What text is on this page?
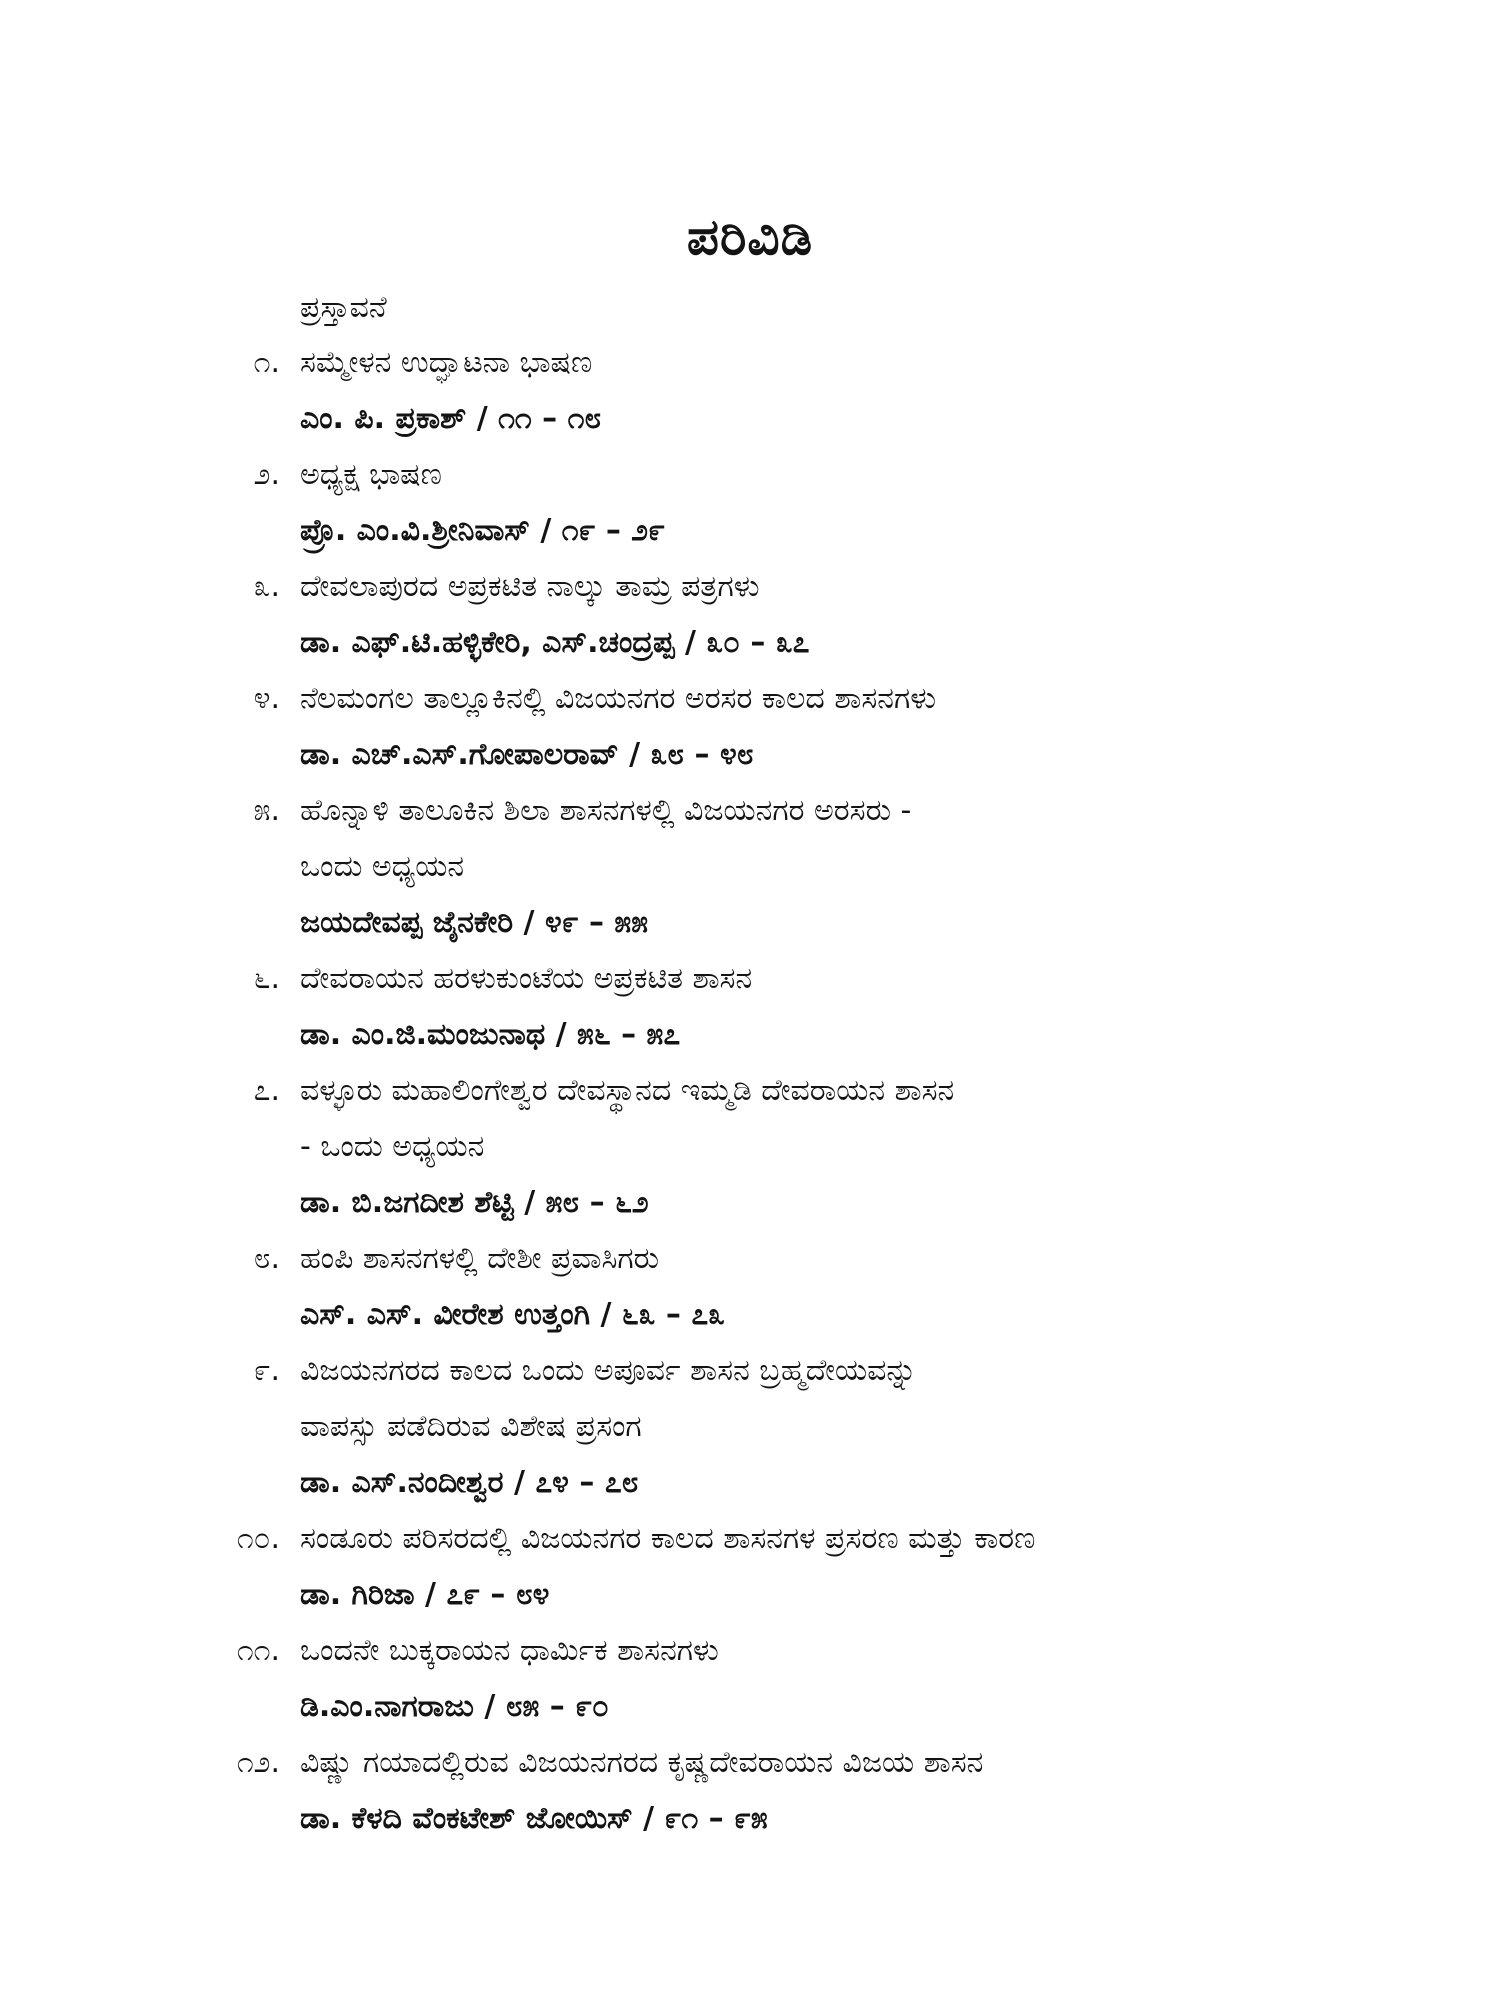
ಪರಿವಿಡಿ
ಪ್ರಸ್ತಾವನೆ
೧. ಸಮ್ಮೇಳನ ಉದ್ಘಾಟನಾ ಭಾಷಣ
ಎಂ. ಪಿ. ಪ್ರಕಾಶ್ / ೧೧ – ೧೮
೨. ಅಧ್ಯಕ್ಷ ಭಾಷಣ
ಪ್ರೊ. ಎಂ.ವಿ.ಶ್ರೀನಿವಾಸ್ / ೧೯ – ೨೯
೩. ದೇವಲಾಪುರದ ಅಪ್ರಕಟಿತ ನಾಲ್ಕು ತಾಮ್ರ ಪತ್ರಗಳು
ಡಾ. ಎಫ್.ಟಿ.ಹಳ್ಳಿಕೇರಿ, ಎಸ್.ಚಂದ್ರಪ್ಪ / ೩೦ – ೩೭
೪. ನೆಲಮಂಗಲ ತಾಲ್ಲೂಕಿನಲ್ಲಿ ವಿಜಯನಗರ ಅರಸರ ಕಾಲದ ಶಾಸನಗಳು
ಡಾ. ಎಚ್.ಎಸ್.ಗೋಪಾಲರಾವ್ / ೩೮ – ೪೮
೫. ಹೊನ್ನಾಳಿ ತಾಲೂಕಿನ ಶಿಲಾ ಶಾಸನಗಳಲ್ಲಿ ವಿಜಯನಗರ ಅರಸರು -
ಒಂದು ಅಧ್ಯಯನ
ಜಯದೇವಪ್ಪ ಜೈನಕೇರಿ / ೪೯ – ೫೫
೬. ದೇವರಾಯನ ಹರಳುಕುಂಟೆಯ ಅಪ್ರಕಟಿತ ಶಾಸನ
ಡಾ. ಎಂ.ಜಿ.ಮಂಜುನಾಥ / ೫೬ – ೫೭
೭. ವಳ್ಳೂರು ಮಹಾಲಿಂಗೇಶ್ವರ ದೇವಸ್ಥಾನದ ಇಮ್ಮಡಿ ದೇವರಾಯನ ಶಾಸನ
- ಒಂದು ಅಧ್ಯಯನ
ಡಾ. ಬಿ.ಜಗದೀಶ ಶೆಟ್ಟಿ / ೫೮ – ೬೨
೮. ಹಂಪಿ ಶಾಸನಗಳಲ್ಲಿ ದೇಶೀ ಪ್ರವಾಸಿಗರು
ಎಸ್. ಎಸ್. ವೀರೇಶ ಉತ್ತಂಗಿ / ೬೩ – ೭೩
೯. ವಿಜಯನಗರದ ಕಾಲದ ಒಂದು ಅಪೂರ್ವ ಶಾಸನ ಬ್ರಹ್ಮದೇಯವನ್ನು
ವಾಪಸ್ಸು ಪಡೆದಿರುವ ವಿಶೇಷ ಪ್ರಸಂಗ
ಡಾ. ಎಸ್.ನಂದೀಶ್ವರ / ೭೪ – ೭೮
೧೦. ಸಂಡೂರು ಪರಿಸರದಲ್ಲಿ ವಿಜಯನಗರ ಕಾಲದ ಶಾಸನಗಳ ಪ್ರಸರಣ ಮತ್ತು ಕಾರಣ
ಡಾ. ಗಿರಿಜಾ / ೭೯ – ೮೪
೧೧. ಒಂದನೇ ಬುಕ್ಕರಾಯನ ಧಾರ್ಮಿಕ ಶಾಸನಗಳು
ಡಿ.ಎಂ.ನಾಗರಾಜು / ೮೫ – ೯೦
೧೨. ವಿಷ್ಣು ಗಯಾದಲ್ಲಿರುವ ವಿಜಯನಗರದ ಕೃಷ್ಣದೇವರಾಯನ ವಿಜಯ ಶಾಸನ
ಡಾ. ಕೆಳದಿ ವೆಂಕಟೇಶ್ ಜೋಯಿಸ್ / ೯೧ – ೯೫
